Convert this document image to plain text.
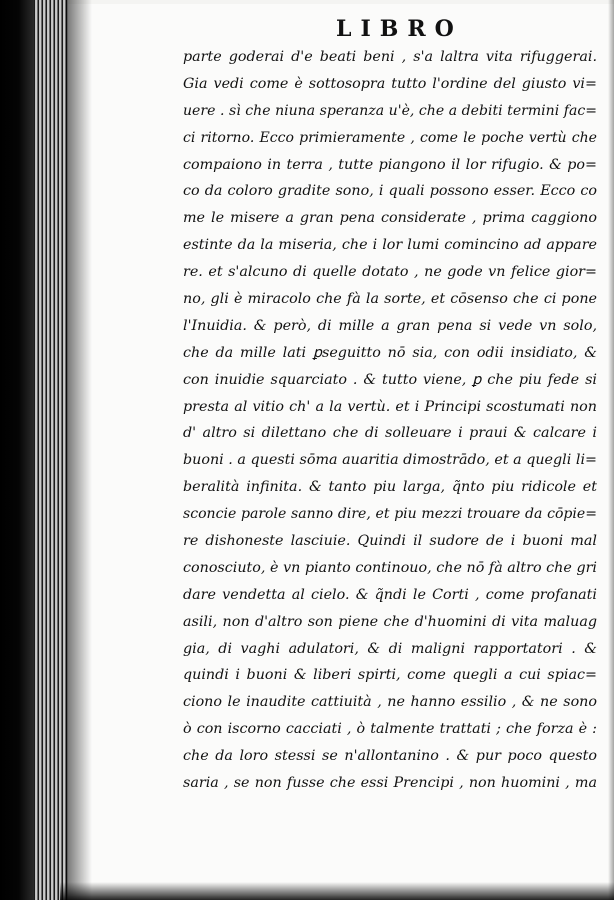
LIBRO
parte goderai d'e beati beni , s'a laltra vita rifuggerai.
Gia vedi come è sottosopra tutto l'ordine del giusto vi=
uere . sì che niuna speranza u'è, che a debiti termini fac=
ci ritorno. Ecco primieramente , come le poche vertù che
compaiono in terra , tutte piangono il lor rifugio. & po=
co da coloro gradite sono, i quali possono esser. Ecco co
me le misere a gran pena considerate , prima caggiono
estinte da la miseria, che i lor lumi comincino ad appare
re. et s'alcuno di quelle dotato , ne gode vn felice gior=
no, gli è miracolo che fà la sorte, et cōsenso che ci pone
l'Inuidia. & però, di mille a gran pena si vede vn solo,
che da mille lati ꝑseguitto nō sia, con odii insidiato, &
con inuidie squarciato . & tutto viene, ꝑ che piu fede si
presta al vitio ch' a la vertù. et i Principi scostumati non
d' altro si dilettano che di solleuare i praui & calcare i
buoni . a questi sōma auaritia dimostrādo, et a quegli li=
beralità infinita. & tanto piu larga, q̃nto piu ridicole et
sconcie parole sanno dire, et piu mezzi trouare da cōpie=
re dishoneste lasciuie. Quindi il sudore de i buoni mal
conosciuto, è vn pianto continouo, che nō fà altro che gri
dare vendetta al cielo. & q̃ndi le Corti , come profanati
asili, non d'altro son piene che d'huomini di vita maluag
gia, di vaghi adulatori, & di maligni rapportatori . &
quindi i buoni & liberi spirti, come quegli a cui spiac=
ciono le inaudite cattiuità , ne hanno essilio , & ne sono
ò con iscorno cacciati , ò talmente trattati ; che forza è :
che da loro stessi se n'allontanino . & pur poco questo
saria , se non fusse che essi Prencipi , non huomini , ma
